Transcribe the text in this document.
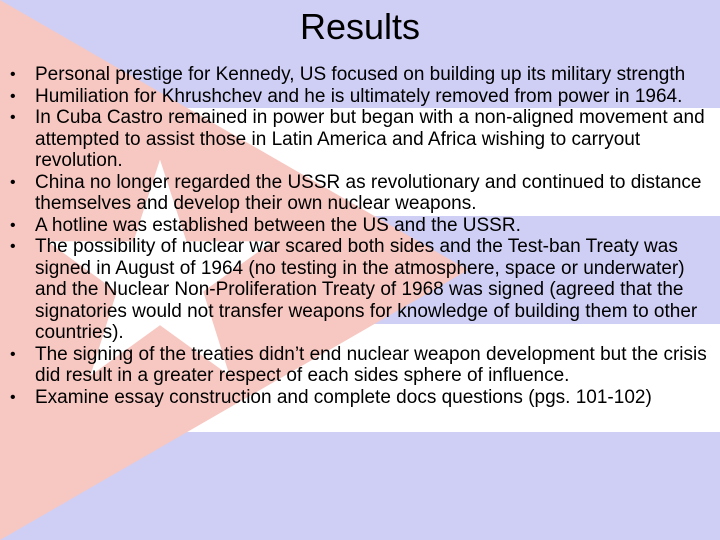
Results
• Personal prestige for Kennedy, US focused on building up its military strength
• Humiliation for Khrushchev and he is ultimately removed from power in 1964.
• In Cuba Castro remained in power but began with a non-aligned movement and attempted to assist those in Latin America and Africa wishing to carryout revolution.
• China no longer regarded the USSR as revolutionary and continued to distance themselves and develop their own nuclear weapons.
• A hotline was established between the US and the USSR.
• The possibility of nuclear war scared both sides and the Test-ban Treaty was signed in August of 1964 (no testing in the atmosphere, space or underwater) and the Nuclear Non-Proliferation Treaty of 1968 was signed (agreed that the signatories would not transfer weapons for knowledge of building them to other countries).
• The signing of the treaties didn’t end nuclear weapon development but the crisis did result in a greater respect of each sides sphere of influence.
• Examine essay construction and complete docs questions (pgs. 101-102)
